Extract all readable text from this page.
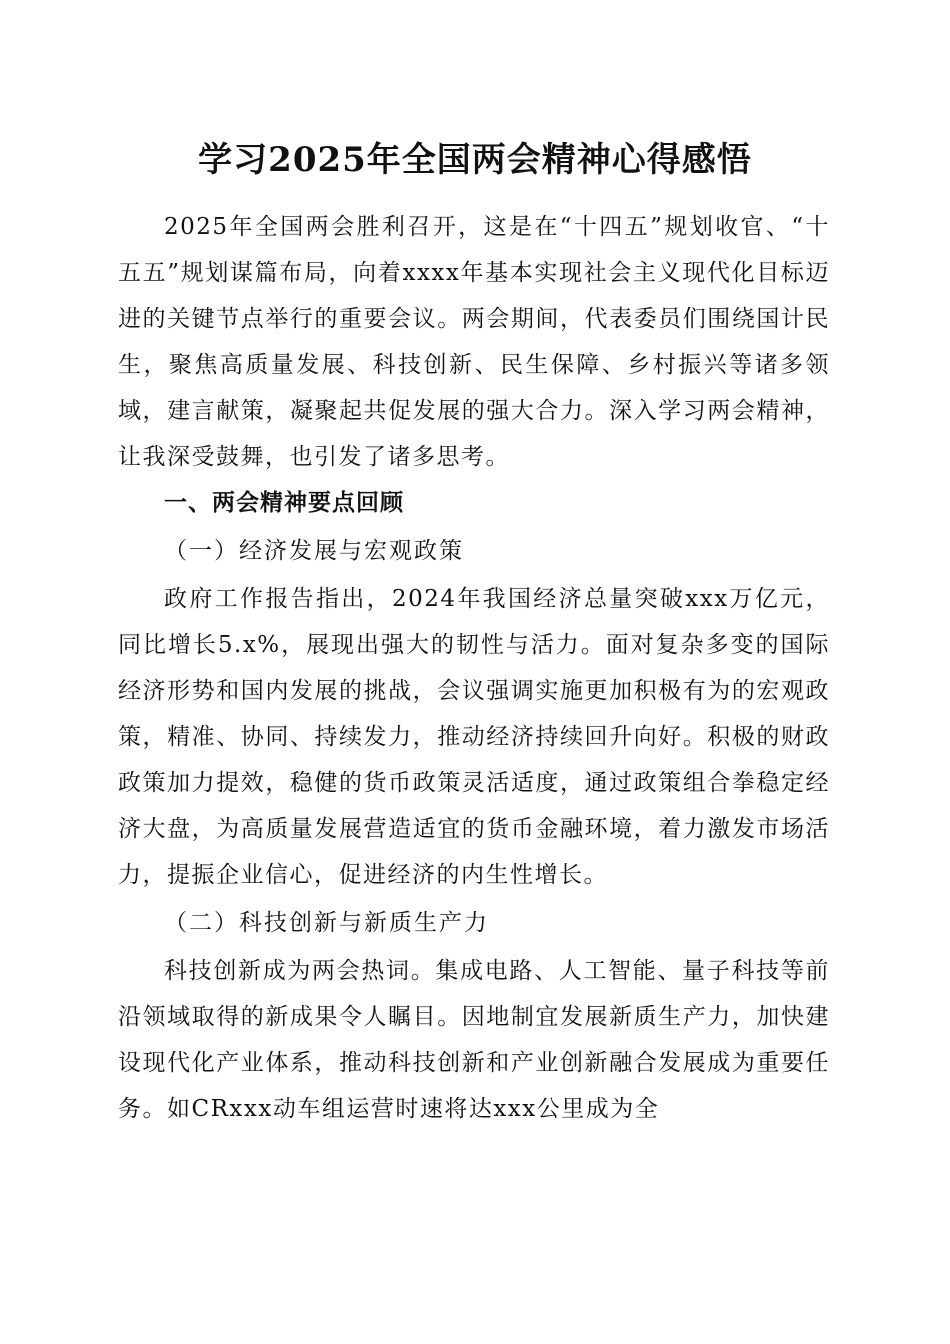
学习2025年全国两会精神心得感悟

2025年全国两会胜利召开，这是在“十四五”规划收官、“十五五”规划谋篇布局，向着xxxx年基本实现社会主义现代化目标迈进的关键节点举行的重要会议。两会期间，代表委员们围绕国计民生，聚焦高质量发展、科技创新、民生保障、乡村振兴等诸多领域，建言献策，凝聚起共促发展的强大合力。深入学习两会精神，让我深受鼓舞，也引发了诸多思考。

一、两会精神要点回顾

（一）经济发展与宏观政策

政府工作报告指出，2024年我国经济总量突破xxx万亿元，同比增长5.x%，展现出强大的韧性与活力。面对复杂多变的国际经济形势和国内发展的挑战，会议强调实施更加积极有为的宏观政策，精准、协同、持续发力，推动经济持续回升向好。积极的财政政策加力提效，稳健的货币政策灵活适度，通过政策组合拳稳定经济大盘，为高质量发展营造适宜的货币金融环境，着力激发市场活力，提振企业信心，促进经济的内生性增长。

（二）科技创新与新质生产力

科技创新成为两会热词。集成电路、人工智能、量子科技等前沿领域取得的新成果令人瞩目。因地制宜发展新质生产力，加快建设现代化产业体系，推动科技创新和产业创新融合发展成为重要任务。如CRxxx动车组运营时速将达xxx公里成为全
